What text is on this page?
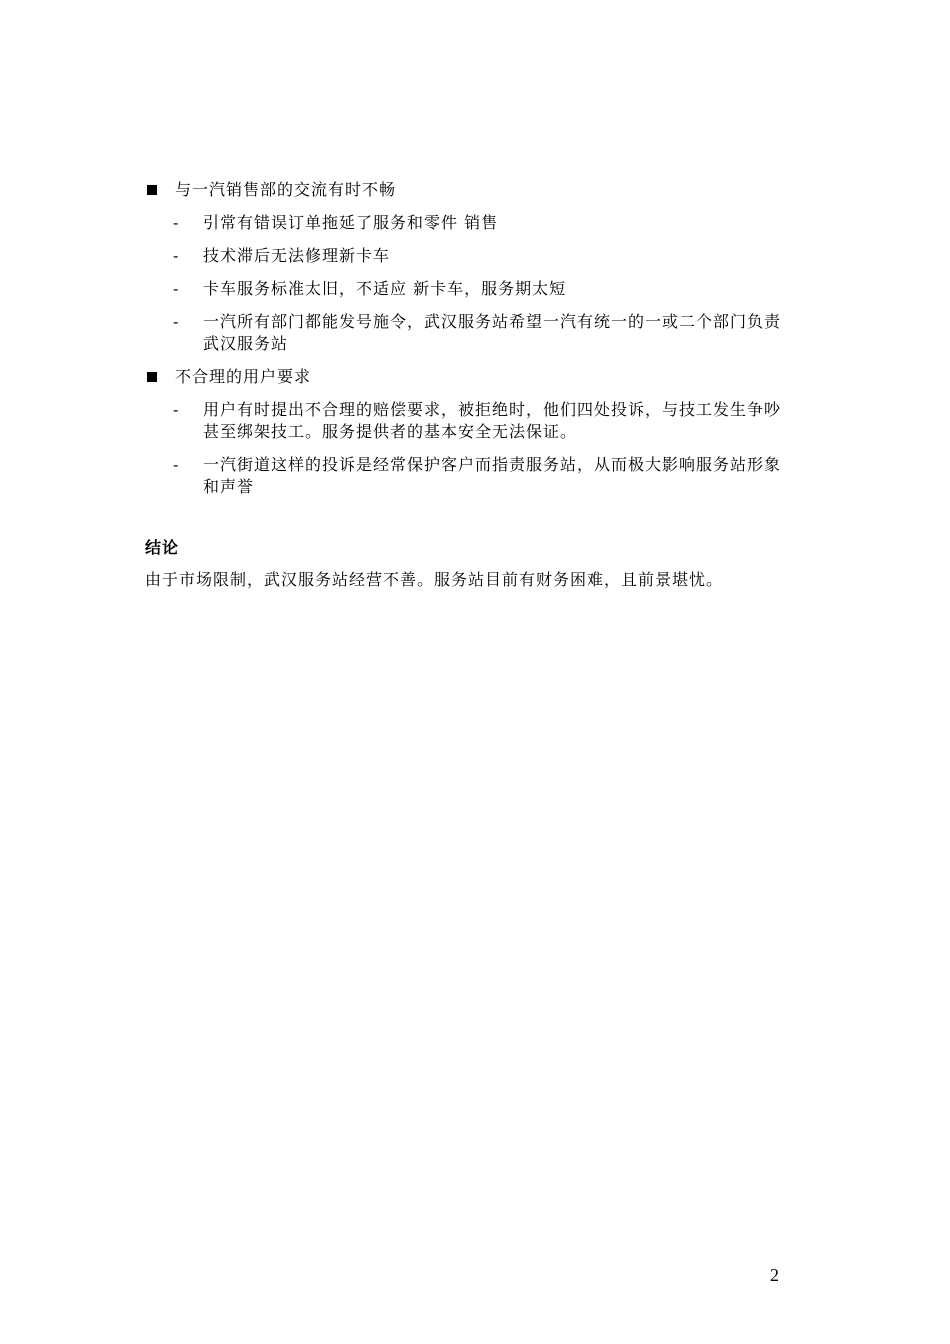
与一汽销售部的交流有时不畅
- 引常有错误订单拖延了服务和零件 销售
- 技术滞后无法修理新卡车
- 卡车服务标准太旧，不适应 新卡车，服务期太短
- 一汽所有部门都能发号施令，武汉服务站希望一汽有统一的一或二个部门负责 武汉服务站
不合理的用户要求
- 用户有时提出不合理的赔偿要求，被拒绝时，他们四处投诉，与技工发生争吵甚至绑架技工。服务提供者的基本安全无法保证。
- 一汽街道这样的投诉是经常保护客户而指责服务站，从而极大影响服务站形象和声誉
结论
由于市场限制，武汉服务站经营不善。服务站目前有财务困难，且前景堪忧。
2
